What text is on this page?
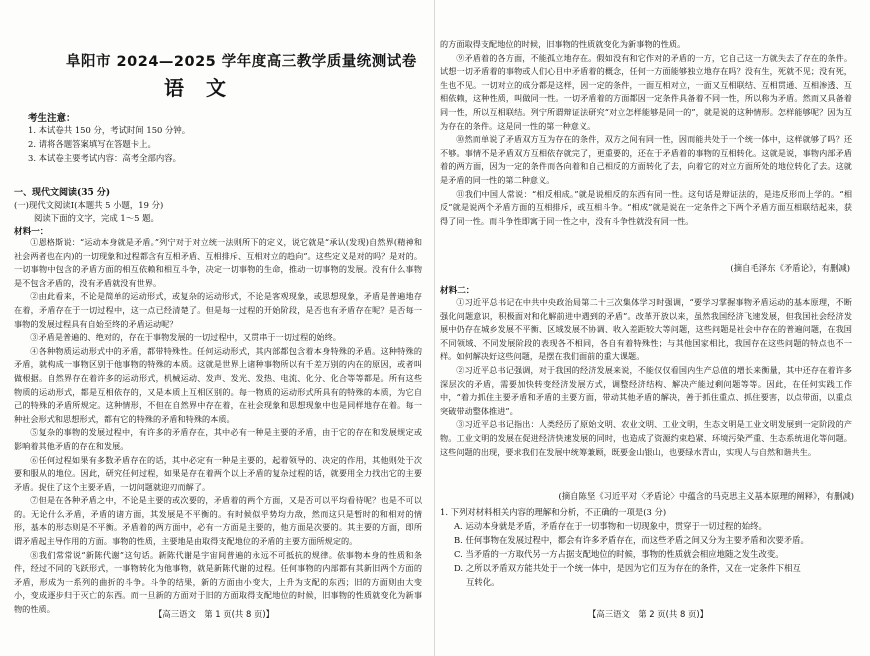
阜阳市 2024—2025 学年度高三教学质量统测试卷
语文
考生注意：
1. 本试卷共 150 分，考试时间 150 分钟。
2. 请将各题答案填写在答题卡上。
3. 本试卷主要考试内容：高考全部内容。
一、现代文阅读(35 分)
(一)现代文阅读Ⅰ(本题共 5 小题，19 分)
阅读下面的文字，完成 1～5 题。
材料一：

①恩格斯说：“运动本身就是矛盾。”列宁对于对立统一法则所下的定义，说它就是“承认(发现)自然界(精神和社会两者也在内)的一切现象和过程都含有互相矛盾、互相排斥、互相对立的趋向”。这些定义是对的吗？是对的。一切事物中包含的矛盾方面的相互依赖和相互斗争，决定一切事物的生命，推动一切事物的发展。没有什么事物是不包含矛盾的，没有矛盾就没有世界。

②由此看来，不论是简单的运动形式，或复杂的运动形式，不论是客观现象，或思想现象，矛盾是普遍地存在着，矛盾存在于一切过程中，这一点已经清楚了。但是每一过程的开始阶段，是否也有矛盾存在呢？是否每一事物的发展过程具有自始至终的矛盾运动呢？

③矛盾是普遍的、绝对的，存在于事物发展的一切过程中，又贯串于一切过程的始终。

④各种物质运动形式中的矛盾，都带特殊性。任何运动形式，其内部都包含着本身特殊的矛盾。这种特殊的矛盾，就构成一事物区别于他事物的特殊的本质。这就是世界上诸种事物所以有千差万别的内在的原因，或者叫做根据。自然界存在着许多的运动形式，机械运动、发声、发光、发热、电流、化分、化合等等都是。所有这些物质的运动形式，都是互相依存的，又是本质上互相区别的。每一物质的运动形式所具有的特殊的本质，为它自己的特殊的矛盾所规定。这种情形，不但在自然界中存在着，在社会现象和思想现象中也是同样地存在着。每一种社会形式和思想形式，都有它的特殊的矛盾和特殊的本质。

⑤复杂的事物的发展过程中，有许多的矛盾存在，其中必有一种是主要的矛盾，由于它的存在和发展规定或影响着其他矛盾的存在和发展。

⑥任何过程如果有多数矛盾存在的话，其中必定有一种是主要的，起着领导的、决定的作用，其他则处于次要和服从的地位。因此，研究任何过程，如果是存在着两个以上矛盾的复杂过程的话，就要用全力找出它的主要矛盾。捉住了这个主要矛盾，一切问题就迎刃而解了。

⑦但是在各种矛盾之中，不论是主要的或次要的，矛盾着的两个方面，又是否可以平均看待呢？也是不可以的。无论什么矛盾，矛盾的诸方面，其发展是不平衡的。有时候似乎势均力敌，然而这只是暂时的和相对的情形，基本的形态则是不平衡。矛盾着的两方面中，必有一方面是主要的，他方面是次要的。其主要的方面，即所谓矛盾起主导作用的方面。事物的性质，主要地是由取得支配地位的矛盾的主要方面所规定的。

⑧我们常常说“新陈代谢”这句话。新陈代谢是宇宙间普遍的永远不可抵抗的规律。依事物本身的性质和条件，经过不同的飞跃形式，一事物转化为他事物，就是新陈代谢的过程。任何事物的内部都有其新旧两个方面的矛盾，形成为一系列的曲折的斗争。斗争的结果，新的方面由小变大，上升为支配的东西；旧的方面则由大变小，变成逐步归于灭亡的东西。而一旦新的方面对于旧的方面取得支配地位的时候，旧事物的性质就变化为新事物的性质。	【高三语文　第 1 页(共 8 页)】

的方面取得支配地位的时候，旧事物的性质就变化为新事物的性质。

⑨矛盾着的各方面，不能孤立地存在。假如没有和它作对的矛盾的一方，它自己这一方就失去了存在的条件。试想一切矛盾着的事物或人们心目中矛盾着的概念，任何一方面能够独立地存在吗？没有生，死就不见；没有死，生也不见。一切对立的成分都是这样，因一定的条件，一面互相对立，一面又互相联结、互相贯通、互相渗透、互相依赖，这种性质，叫做同一性。一切矛盾着的方面都因一定条件具备着不同一性，所以称为矛盾。然而又具备着同一性，所以互相联结。列宁所谓辩证法研究“对立怎样能够是同一的”，就是说的这种情形。怎样能够呢？因为互为存在的条件。这是同一性的第一种意义。

⑩然而单说了矛盾双方互为存在的条件，双方之间有同一性，因而能共处于一个统一体中，这样就够了吗？还不够。事情不是矛盾双方互相依存就完了，更重要的，还在于矛盾着的事物的互相转化。这就是说，事物内部矛盾着的两方面，因为一定的条件而各向着和自己相反的方面转化了去，向着它的对立方面所处的地位转化了去。这就是矛盾的同一性的第二种意义。

⑪我们中国人常说：“相反相成。”就是说相反的东西有同一性。这句话是辩证法的，是违反形而上学的。“相反”就是说两个矛盾方面的互相排斥，或互相斗争。“相成”就是说在一定条件之下两个矛盾方面互相联结起来，获得了同一性。而斗争性即寓于同一性之中，没有斗争性就没有同一性。

(摘自毛泽东《矛盾论》，有删减)
材料二：

①习近平总书记在中共中央政治局第二十三次集体学习时强调，“要学习掌握事物矛盾运动的基本原理，不断强化问题意识，积极面对和化解前进中遇到的矛盾”。改革开放以来，虽然我国经济飞速发展，但我国社会经济发展中仍存在城乡发展不平衡、区域发展不协调、收入差距较大等问题，这些问题是社会中存在的普遍问题，在我国不同领域、不同发展阶段的表现各不相同，各自有着特殊性；与其他国家相比，我国存在这些问题的特点也不一样。如何解决好这些问题，是摆在我们面前的重大课题。

②习近平总书记强调，对于我国的经济发展来说，不能仅仅看国内生产总值的增长来衡量，其中还存在着许多深层次的矛盾，需要加快转变经济发展方式，调整经济结构、解决产能过剩问题等等。因此，在任何实践工作中，“着力抓住主要矛盾和矛盾的主要方面，带动其他矛盾的解决，善于抓住重点、抓住要害，以点带面，以重点突破带动整体推进”。

③习近平总书记指出：人类经历了原始文明、农业文明、工业文明，生态文明是工业文明发展到一定阶段的产物。工业文明的发展在促进经济快速发展的同时，也造成了资源约束趋紧、环境污染严重、生态系统退化等问题。这些问题的出现，要求我们在发展中统筹兼顾，既要金山银山，也要绿水青山，实现人与自然和谐共生。

(摘自陈坚《习近平对〈矛盾论〉中蕴含的马克思主义基本原理的阐释》，有删减)
1. 下列对材料相关内容的理解和分析，不正确的一项是(3 分)
A. 运动本身就是矛盾，矛盾存在于一切事物和一切现象中，贯穿于一切过程的始终。
B. 任何事物在发展过程中，都会有许多矛盾存在，而这些矛盾之间又分为主要矛盾和次要矛盾。
C. 当矛盾的一方取代另一方占据支配地位的时候，事物的性质就会相应地随之发生改变。
D. 之所以矛盾双方能共处于一个统一体中，是因为它们互为存在的条件，又在一定条件下相互
互转化。
【高三语文　第 2 页(共 8 页)】
